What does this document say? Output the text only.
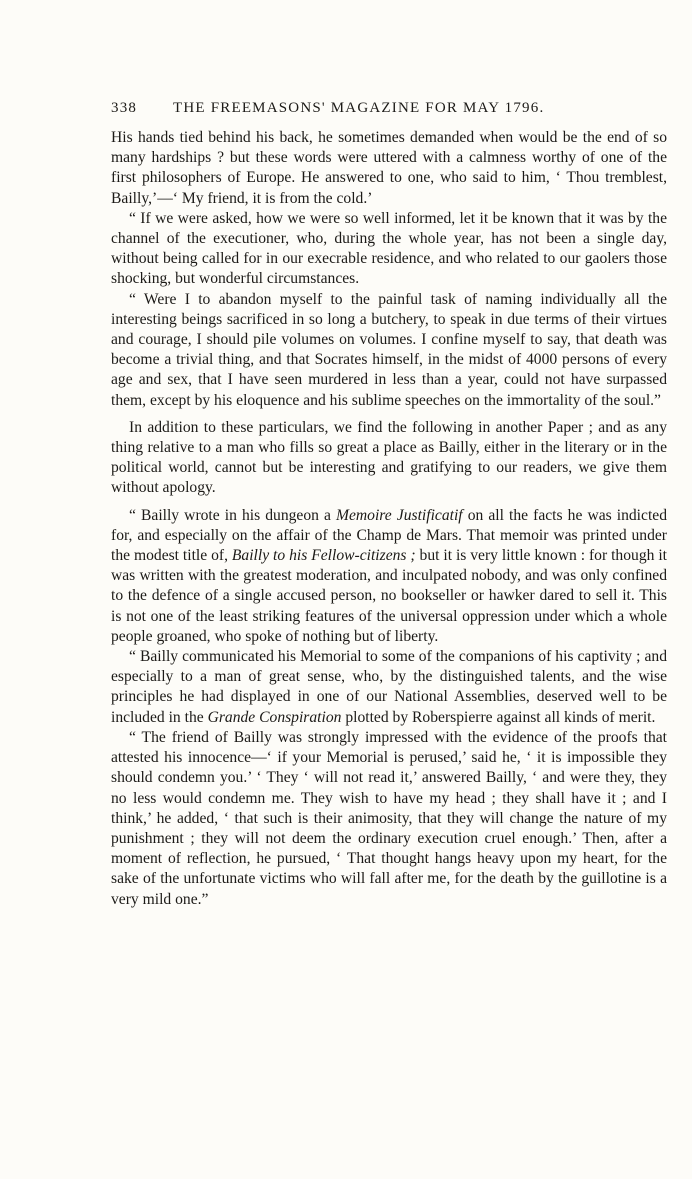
338 THE FREEMASONS' MAGAZINE FOR MAY 1796.

His hands tied behind his back, he sometimes demanded when would be the end of so many hardships ? but these words were uttered with a calmness worthy of one of the first philosophers of Europe. He answered to one, who said to him, ‘ Thou tremblest, Bailly,’—‘ My friend, it is from the cold.’

“ If we were asked, how we were so well informed, let it be known that it was by the channel of the executioner, who, during the whole year, has not been a single day, without being called for in our execrable residence, and who related to our gaolers those shocking, but wonderful circumstances.

“ Were I to abandon myself to the painful task of naming individually all the interesting beings sacrificed in so long a butchery, to speak in due terms of their virtues and courage, I should pile volumes on volumes. I confine myself to say, that death was become a trivial thing, and that Socrates himself, in the midst of 4000 persons of every age and sex, that I have seen murdered in less than a year, could not have surpassed them, except by his eloquence and his sublime speeches on the immortality of the soul.”

In addition to these particulars, we find the following in another Paper ; and as any thing relative to a man who fills so great a place as Bailly, either in the literary or in the political world, cannot but be interesting and gratifying to our readers, we give them without apology.

“ Bailly wrote in his dungeon a Memoire Justificatif on all the facts he was indicted for, and especially on the affair of the Champ de Mars. That memoir was printed under the modest title of, Bailly to his Fellow-citizens ; but it is very little known : for though it was written with the greatest moderation, and inculpated nobody, and was only confined to the defence of a single accused person, no bookseller or hawker dared to sell it. This is not one of the least striking features of the universal oppression under which a whole people groaned, who spoke of nothing but of liberty.

“ Bailly communicated his Memorial to some of the companions of his captivity ; and especially to a man of great sense, who, by the distinguished talents, and the wise principles he had displayed in one of our National Assemblies, deserved well to be included in the Grande Conspiration plotted by Roberspierre against all kinds of merit.

“ The friend of Bailly was strongly impressed with the evidence of the proofs that attested his innocence—‘ if your Memorial is perused,’ said he, ‘ it is impossible they should condemn you.’ ‘ They ‘ will not read it,’ answered Bailly, ‘ and were they, they no less would condemn me. They wish to have my head ; they shall have it ; and I think,’ he added, ‘ that such is their animosity, that they will change the nature of my punishment ; they will not deem the ordinary execution cruel enough.’ Then, after a moment of reflection, he pursued, ‘ That thought hangs heavy upon my heart, for the sake of the unfortunate victims who will fall after me, for the death by the guillotine is a very mild one.”
